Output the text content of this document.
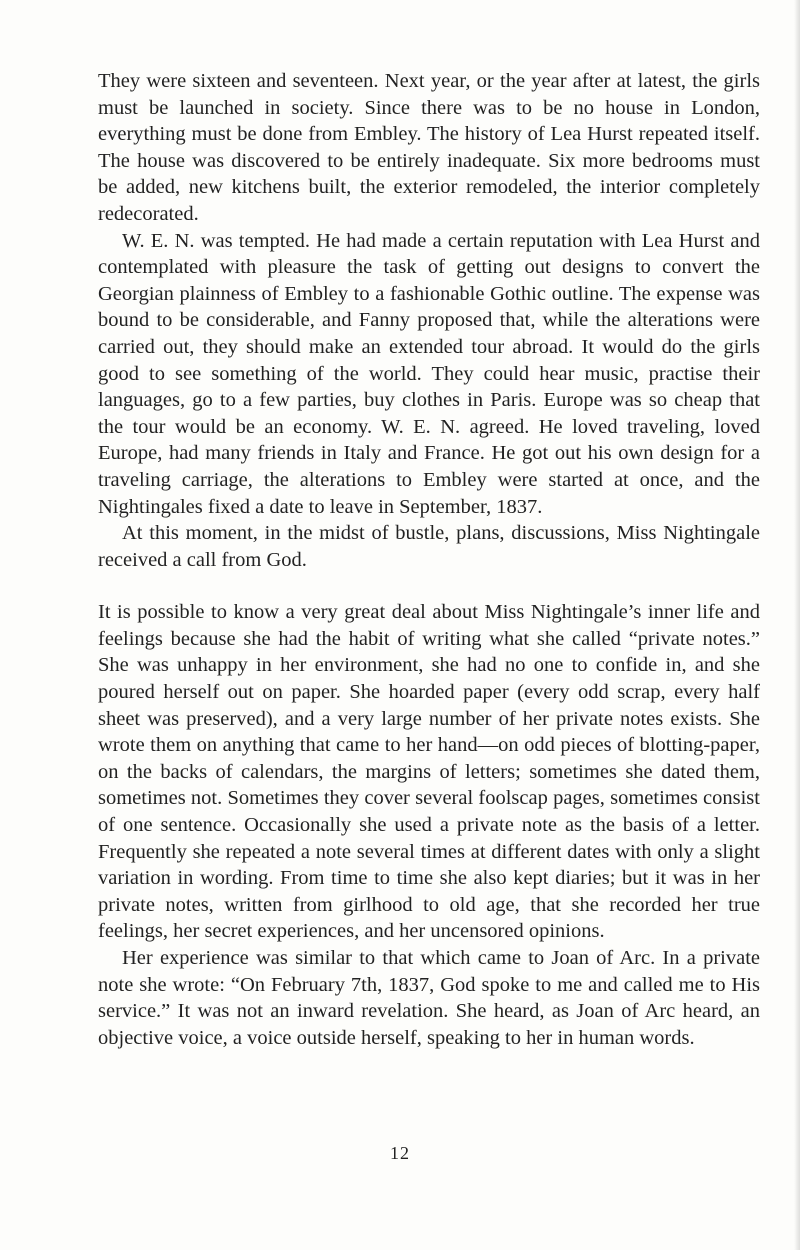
They were sixteen and seventeen. Next year, or the year after at latest, the girls must be launched in society. Since there was to be no house in London, everything must be done from Embley. The history of Lea Hurst repeated itself. The house was discovered to be entirely inadequate. Six more bedrooms must be added, new kitchens built, the exterior remodeled, the interior completely redecorated.

W. E. N. was tempted. He had made a certain reputation with Lea Hurst and contemplated with pleasure the task of getting out designs to convert the Georgian plainness of Embley to a fashionable Gothic outline. The expense was bound to be considerable, and Fanny proposed that, while the alterations were carried out, they should make an extended tour abroad. It would do the girls good to see something of the world. They could hear music, practise their languages, go to a few parties, buy clothes in Paris. Europe was so cheap that the tour would be an economy. W. E. N. agreed. He loved traveling, loved Europe, had many friends in Italy and France. He got out his own design for a traveling carriage, the alterations to Embley were started at once, and the Nightingales fixed a date to leave in September, 1837.

At this moment, in the midst of bustle, plans, discussions, Miss Nightingale received a call from God.

It is possible to know a very great deal about Miss Nightingale’s inner life and feelings because she had the habit of writing what she called “private notes.” She was unhappy in her environment, she had no one to confide in, and she poured herself out on paper. She hoarded paper (every odd scrap, every half sheet was preserved), and a very large number of her private notes exists. She wrote them on anything that came to her hand—on odd pieces of blotting-paper, on the backs of calendars, the margins of letters; sometimes she dated them, sometimes not. Sometimes they cover several foolscap pages, sometimes consist of one sentence. Occasionally she used a private note as the basis of a letter. Frequently she repeated a note several times at different dates with only a slight variation in wording. From time to time she also kept diaries; but it was in her private notes, written from girlhood to old age, that she recorded her true feelings, her secret experiences, and her uncensored opinions.

Her experience was similar to that which came to Joan of Arc. In a private note she wrote: “On February 7th, 1837, God spoke to me and called me to His service.” It was not an inward revelation. She heard, as Joan of Arc heard, an objective voice, a voice outside herself, speaking to her in human words.

12
